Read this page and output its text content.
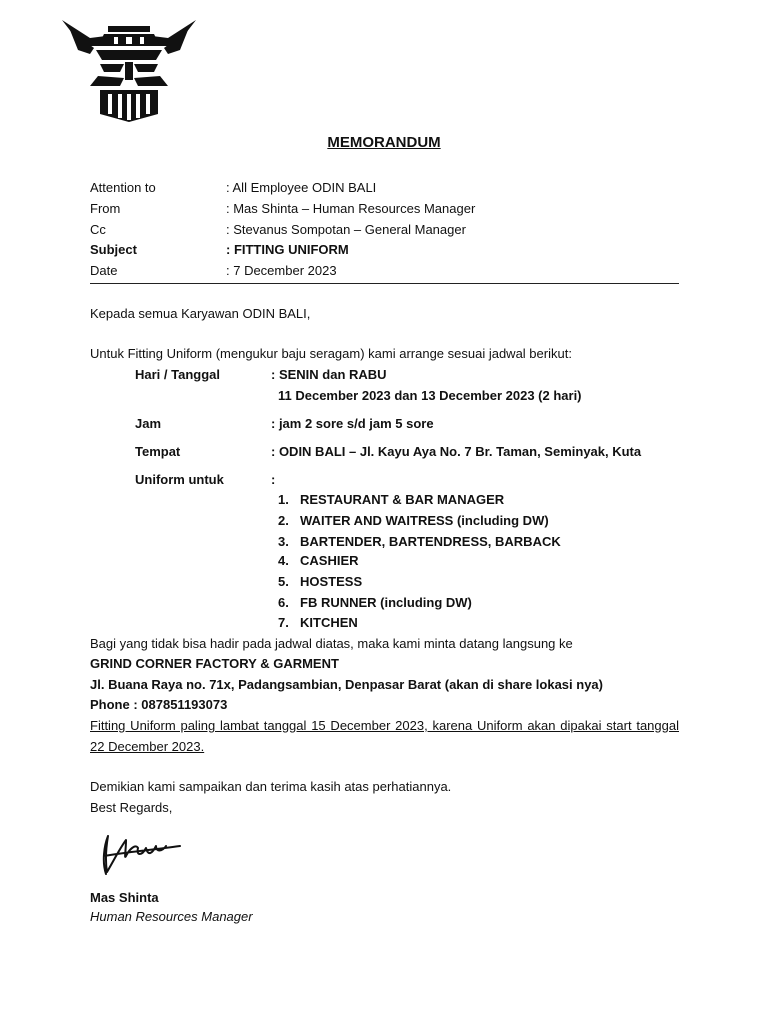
MEMORANDUM
Attention to	: All Employee ODIN BALI
From	: Mas Shinta – Human Resources Manager
Cc	: Stevanus Sompotan – General Manager
Subject	: FITTING UNIFORM
Date	: 7 December 2023
Kepada semua Karyawan ODIN BALI,
Untuk Fitting Uniform (mengukur baju seragam) kami arrange sesuai jadwal berikut:
Hari / Tanggal	: SENIN dan RABU
11 December 2023 dan 13 December 2023 (2 hari)
Jam	: jam 2 sore s/d jam 5 sore
Tempat	: ODIN BALI – Jl. Kayu Aya No. 7 Br. Taman, Seminyak, Kuta
Uniform untuk	:
1. RESTAURANT & BAR MANAGER
2. WAITER AND WAITRESS (including DW)
3. BARTENDER, BARTENDRESS, BARBACK
4. CASHIER
5. HOSTESS
6. FB RUNNER (including DW)
7. KITCHEN
Bagi yang tidak bisa hadir pada jadwal diatas, maka kami minta datang langsung ke
GRIND CORNER FACTORY & GARMENT
Jl. Buana Raya no. 71x, Padangsambian, Denpasar Barat (akan di share lokasi nya)
Phone : 087851193073
Fitting Uniform paling lambat tanggal 15 December 2023, karena Uniform akan dipakai start tanggal 22 December 2023.
Demikian kami sampaikan dan terima kasih atas perhatiannya.
Best Regards,
Mas Shinta
Human Resources Manager
